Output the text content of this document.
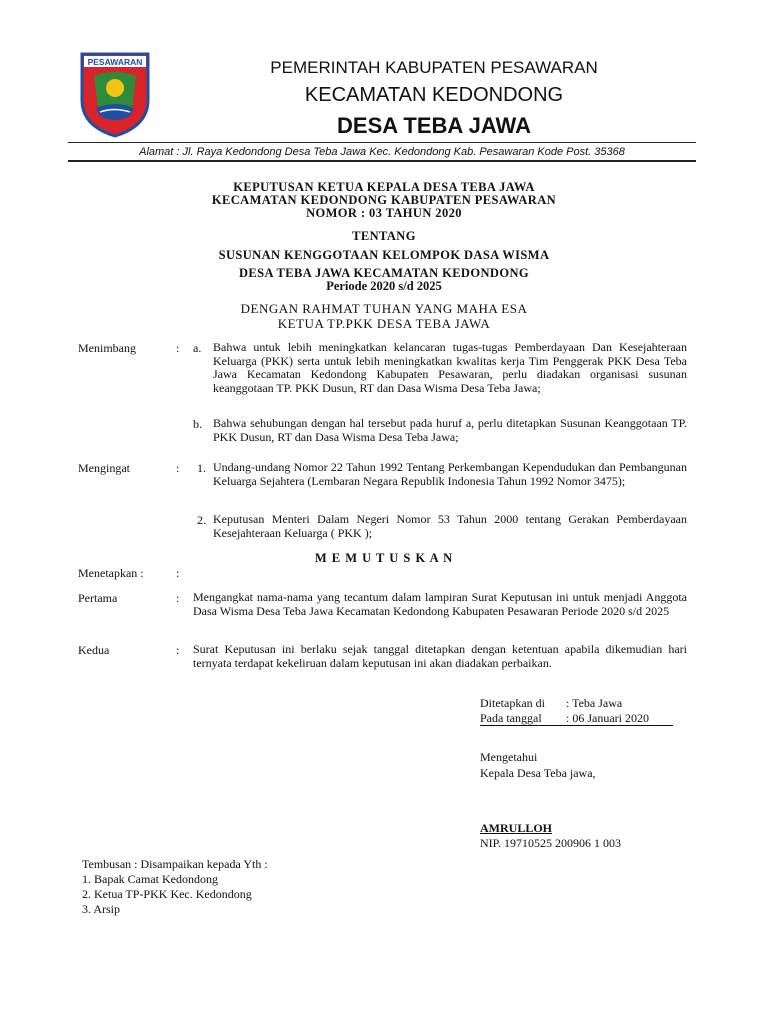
PESAWARAN	PEMERINTAH KABUPATEN PESAWARAN
KECAMATAN KEDONDONG
DESA TEBA JAWA
Alamat : Jl. Raya Kedondong Desa Teba Jawa Kec. Kedondong Kab. Pesawaran Kode Post. 35368
KEPUTUSAN KETUA KEPALA DESA TEBA JAWA
KECAMATAN KEDONDONG KABUPATEN PESAWARAN
NOMOR : 03 TAHUN 2020
TENTANG
SUSUNAN KENGGOTAAN KELOMPOK DASA WISMA
DESA TEBA JAWA KECAMATAN KEDONDONG
Periode 2020 s/d 2025
DENGAN RAHMAT TUHAN YANG MAHA ESA
KETUA TP.PKK DESA TEBA JAWA
Menimbang	: a. Bahwa untuk lebih meningkatkan kelancaran tugas-tugas Pemberdayaan Dan Kesejahteraan Keluarga (PKK) serta untuk lebih meningkatkan kwalitas kerja Tim Penggerak PKK Desa Teba Jawa Kecamatan Kedondong Kabupaten Pesawaran, perlu diadakan organisasi susunan keanggotaan TP. PKK Dusun, RT dan Dasa Wisma Desa Teba Jawa;
b. Bahwa sehubungan dengan hal tersebut pada huruf a, perlu ditetapkan Susunan Keanggotaan TP. PKK Dusun, RT dan Dasa Wisma Desa Teba Jawa;
Mengingat	: 1. Undang-undang Nomor 22 Tahun 1992 Tentang Perkembangan Kependudukan dan Pembangunan Keluarga Sejahtera (Lembaran Negara Republik Indonesia Tahun 1992 Nomor 3475);
2. Keputusan Menteri Dalam Negeri Nomor 53 Tahun 2000 tentang Gerakan Pemberdayaan Kesejahteraan Keluarga ( PKK );
M E M U T U S K A N
Menetapkan :	:
Pertama	: Mengangkat nama-nama yang tecantum dalam lampiran Surat Keputusan ini untuk menjadi Anggota Dasa Wisma Desa Teba Jawa Kecamatan Kedondong Kabupaten Pesawaran Periode 2020 s/d 2025
Kedua	: Surat Keputusan ini berlaku sejak tanggal ditetapkan dengan ketentuan apabila dikemudian hari ternyata terdapat kekeliruan dalam keputusan ini akan diadakan perbaikan.
Ditetapkan di : Teba Jawa
Pada tanggal : 06 Januari 2020
Mengetahui
Kepala Desa Teba jawa,
AMRULLOH
NIP. 19710525 200906 1 003
Tembusan : Disampaikan kepada Yth :
1. Bapak Camat Kedondong
2. Ketua TP-PKK Kec. Kedondong
3. Arsip
